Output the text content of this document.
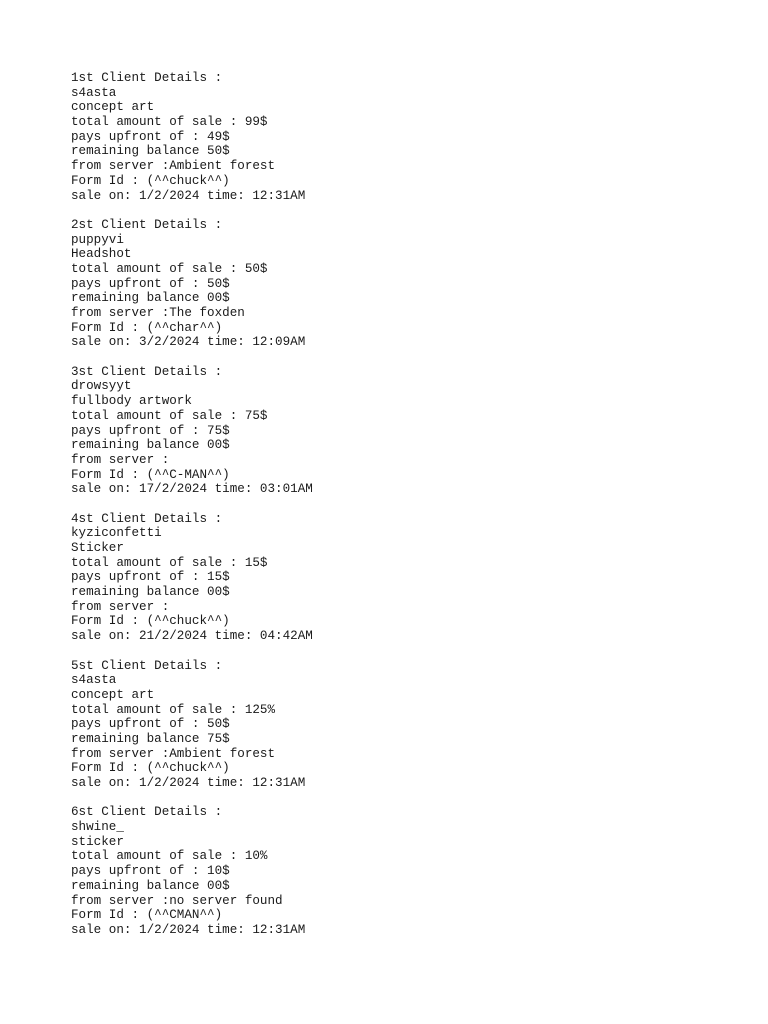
1st Client Details :
s4asta
concept art
total amount of sale : 99$
pays upfront of : 49$
remaining balance 50$
from server :Ambient forest
Form Id : (^^chuck^^)
sale on: 1/2/2024 time: 12:31AM
2st Client Details :
puppyvi
Headshot
total amount of sale : 50$
pays upfront of : 50$
remaining balance 00$
from server :The foxden
Form Id : (^^char^^)
sale on: 3/2/2024 time: 12:09AM
3st Client Details :
drowsyyt
fullbody artwork
total amount of sale : 75$
pays upfront of : 75$
remaining balance 00$
from server :
Form Id : (^^C-MAN^^)
sale on: 17/2/2024 time: 03:01AM
4st Client Details :
kyziconfetti
Sticker
total amount of sale : 15$
pays upfront of : 15$
remaining balance 00$
from server :
Form Id : (^^chuck^^)
sale on: 21/2/2024 time: 04:42AM
5st Client Details :
s4asta
concept art
total amount of sale : 125%
pays upfront of : 50$
remaining balance 75$
from server :Ambient forest
Form Id : (^^chuck^^)
sale on: 1/2/2024 time: 12:31AM
6st Client Details :
shwine_
sticker
total amount of sale : 10%
pays upfront of : 10$
remaining balance 00$
from server :no server found
Form Id : (^^CMAN^^)
sale on: 1/2/2024 time: 12:31AM
